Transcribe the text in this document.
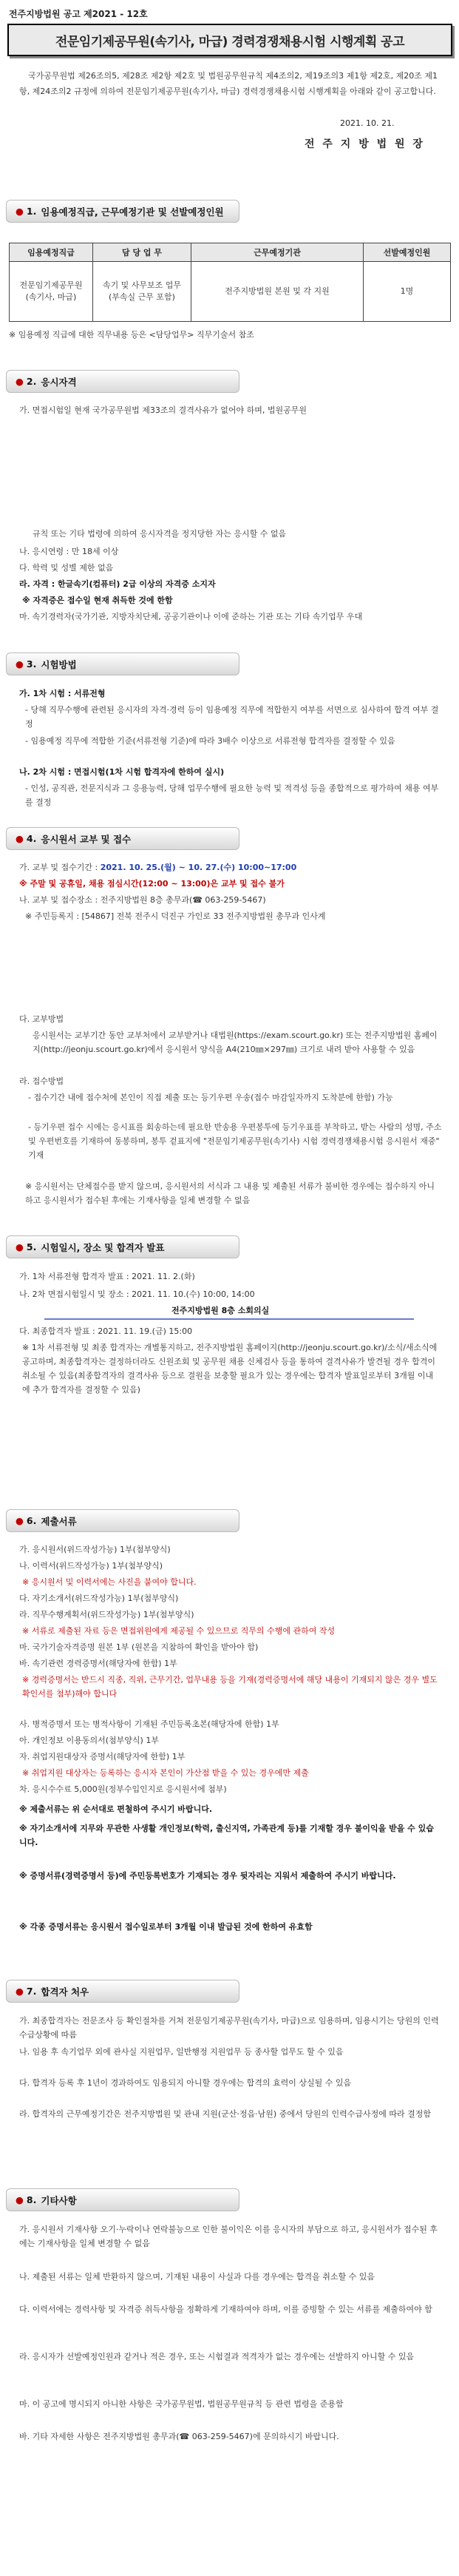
전주지방법원 공고 제2021 - 12호
전문임기제공무원(속기사, 마급) 경력경쟁채용시험 시행계획 공고
국가공무원법 제26조의5, 제28조 제2항 제2호 및 법원공무원규칙 제4조의2, 제19조의3 제1항 제2호, 제20조 제1항, 제24조의2 규정에 의하여 전문임기제공무원(속기사, 마급) 경력경쟁채용시험 시행계획을 아래와 같이 공고합니다.
2021. 10. 21.
전 주 지 방 법 원 장
● 1. 임용예정직급, 근무예정기관 및 선발예정인원
임용예정직급	담 당 업 무	근무예정기관	선발예정인원
전문임기제공무원(속기사, 마급)	속기 및 사무보조 업무(부속실 근무 포함)	전주지방법원 본원 및 각 지원	1명
※ 임용예정 직급에 대한 직무내용 등은 <담당업무> 직무기술서 참조
● 2. 응시자격
가. 면접시험일 현재 국가공무원법 제33조의 결격사유가 없어야 하며, 법원공무원
규칙 또는 기타 법령에 의하여 응시자격을 정지당한 자는 응시할 수 없음
나. 응시연령 : 만 18세 이상
다. 학력 및 성별 제한 없음
라. 자격 : 한글속기(컴퓨터) 2급 이상의 자격증 소지자
※ 자격증은 접수일 현재 취득한 것에 한함
마. 속기경력자(국가기관, 지방자치단체, 공공기관이나 이에 준하는 기관 또는 기타 속기업무 우대
● 3. 시험방법
가. 1차 시험 : 서류전형
- 당해 직무수행에 관련된 응시자의 자격·경력 등이 임용예정 직무에 적합한지 여부를 서면으로 심사하여 합격 여부 결정
- 임용예정 직무에 적합한 기준(서류전형 기준)에 따라 3배수 이상으로 서류전형 합격자를 결정할 수 있음
나. 2차 시험 : 면접시험(1차 시험 합격자에 한하여 실시)
- 인성, 공직관, 전문지식과 그 응용능력, 당해 업무수행에 필요한 능력 및 적격성 등을 종합적으로 평가하여 채용 여부를 결정
● 4. 응시원서 교부 및 접수
가. 교부 및 접수기간 : 2021. 10. 25.(월) ~ 10. 27.(수) 10:00~17:00
※ 주말 및 공휴일, 채용 점심시간(12:00 ~ 13:00)은 교부 및 접수 불가
나. 교부 및 접수장소 : 전주지방법원 8층 총무과(☎ 063-259-5467)
※ 주민등록지 : [54867] 전북 전주시 덕진구 가인로 33 전주지방법원 총무과 인사계
다. 교부방법
응시원서는 교부기간 동안 교부처에서 교부받거나 대법원(https://exam.scourt.go.kr) 또는 전주지방법원 홈페이지(http://jeonju.scourt.go.kr)에서 응시원서 양식을 A4(210㎜×297㎜) 크기로 내려 받아 사용할 수 있음
라. 접수방법
- 접수기간 내에 접수처에 본인이 직접 제출 또는 등기우편 우송(접수 마감일자까지 도착분에 한함) 가능
- 등기우편 접수 시에는 응시표를 회송하는데 필요한 반송용 우편봉투에 등기우표를 부착하고, 받는 사람의 성명, 주소 및 우편번호를 기재하여 동봉하며, 봉투 겉표지에 "전문임기제공무원(속기사) 시험 경력경쟁채용시험 응시원서 재중" 기재
※ 응시원서는 단체접수를 받지 않으며, 응시원서의 서식과 그 내용 및 제출된 서류가 불비한 경우에는 접수하지 아니하고 응시원서가 접수된 후에는 기재사항을 일체 변경할 수 없음
● 5. 시험일시, 장소 및 합격자 발표
가. 1차 서류전형 합격자 발표 : 2021. 11. 2.(화)
나. 2차 면접시험일시 및 장소 : 2021. 11. 10.(수) 10:00, 14:00
전주지방법원 8층 소회의실
다. 최종합격자 발표 : 2021. 11. 19.(금) 15:00
※ 1차 서류전형 및 최종 합격자는 개별통지하고, 전주지방법원 홈페이지(http://jeonju.scourt.go.kr)/소식/새소식에 공고하며, 최종합격자는 결정하더라도 신원조회 및 공무원 채용 신체검사 등을 통하여 결격사유가 발견될 경우 합격이 취소될 수 있음(최종합격자의 결격사유 등으로 결원을 보충할 필요가 있는 경우에는 합격자 발표일로부터 3개월 이내에 추가 합격자를 결정할 수 있음)
● 6. 제출서류
가. 응시원서(위드작성가능) 1부(첨부양식)
나. 이력서(위드작성가능) 1부(첨부양식)
※ 응시원서 및 이력서에는 사진을 붙여야 합니다.
다. 자기소개서(위드작성가능) 1부(첨부양식)
라. 직무수행계획서(위드작성가능) 1부(첨부양식)
※ 서류로 제출된 자료 등은 면접위원에게 제공될 수 있으므로 직무의 수행에 관하여 작성
마. 국가기술자격증명 원본 1부 (원본을 지참하여 확인을 받아야 함)
바. 속기관련 경력증명서(해당자에 한함) 1부
※ 경력증명서는 반드시 직종, 직위, 근무기간, 업무내용 등을 기재(경력증명서에 해당 내용이 기재되지 않은 경우 별도 확인서를 첨부)해야 합니다
사. 병적증명서 또는 병적사항이 기재된 주민등록초본(해당자에 한함) 1부
아. 개인정보 이용동의서(첨부양식) 1부
자. 취업지원대상자 증명서(해당자에 한함) 1부
※ 취업지원 대상자는 등록하는 응시자 본인이 가산점 받을 수 있는 경우에만 제출
차. 응시수수료 5,000원(정부수입인지로 응시원서에 첨부)
※ 제출서류는 위 순서대로 편철하여 주시기 바랍니다.
※ 자기소개서에 지무와 무관한 사생활 개인정보(학력, 출신지역, 가족관계 등)를 기재할 경우 불이익을 받을 수 있습니다.
※ 증명서류(경력증명서 등)에 주민등록번호가 기재되는 경우 뒷자리는 지워서 제출하여 주시기 바랍니다.
※ 각종 증명서류는 응시원서 접수일로부터 3개월 이내 발급된 것에 한하여 유효함
● 7. 합격자 처우
가. 최종합격자는 전문조사 등 확인절차를 거쳐 전문임기제공무원(속기사, 마급)으로 임용하며, 임용시기는 당원의 인력수급상황에 따름
나. 임용 후 속기업무 외에 관사실 지원업무, 일반행정 지원업무 등 종사할 업무도 할 수 있음
다. 합격자 등록 후 1년이 경과하여도 임용되지 아니할 경우에는 합격의 효력이 상실될 수 있음
라. 합격자의 근무예정기간은 전주지방법원 및 관내 지원(군산·정읍·남원) 중에서 당원의 인력수급사정에 따라 결정함
● 8. 기타사항
가. 응시원서 기재사항 오기·누락이나 연락불능으로 인한 불이익은 이를 응시자의 부담으로 하고, 응시원서가 접수된 후에는 기재사항을 일체 변경할 수 없음
나. 제출된 서류는 일체 반환하지 않으며, 기재된 내용이 사실과 다를 경우에는 합격을 취소할 수 있음
다. 이력서에는 경력사항 및 자격증 취득사항을 정확하게 기재하여야 하며, 이를 증빙할 수 있는 서류를 제출하여야 함
라. 응시자가 선발예정인원과 같거나 적은 경우, 또는 시험결과 적격자가 없는 경우에는 선발하지 아니할 수 있음
마. 이 공고에 명시되지 아니한 사항은 국가공무원법, 법원공무원규칙 등 관련 법령을 준용함
바. 기타 자세한 사항은 전주지방법원 총무과(☎ 063-259-5467)에 문의하시기 바랍니다.
